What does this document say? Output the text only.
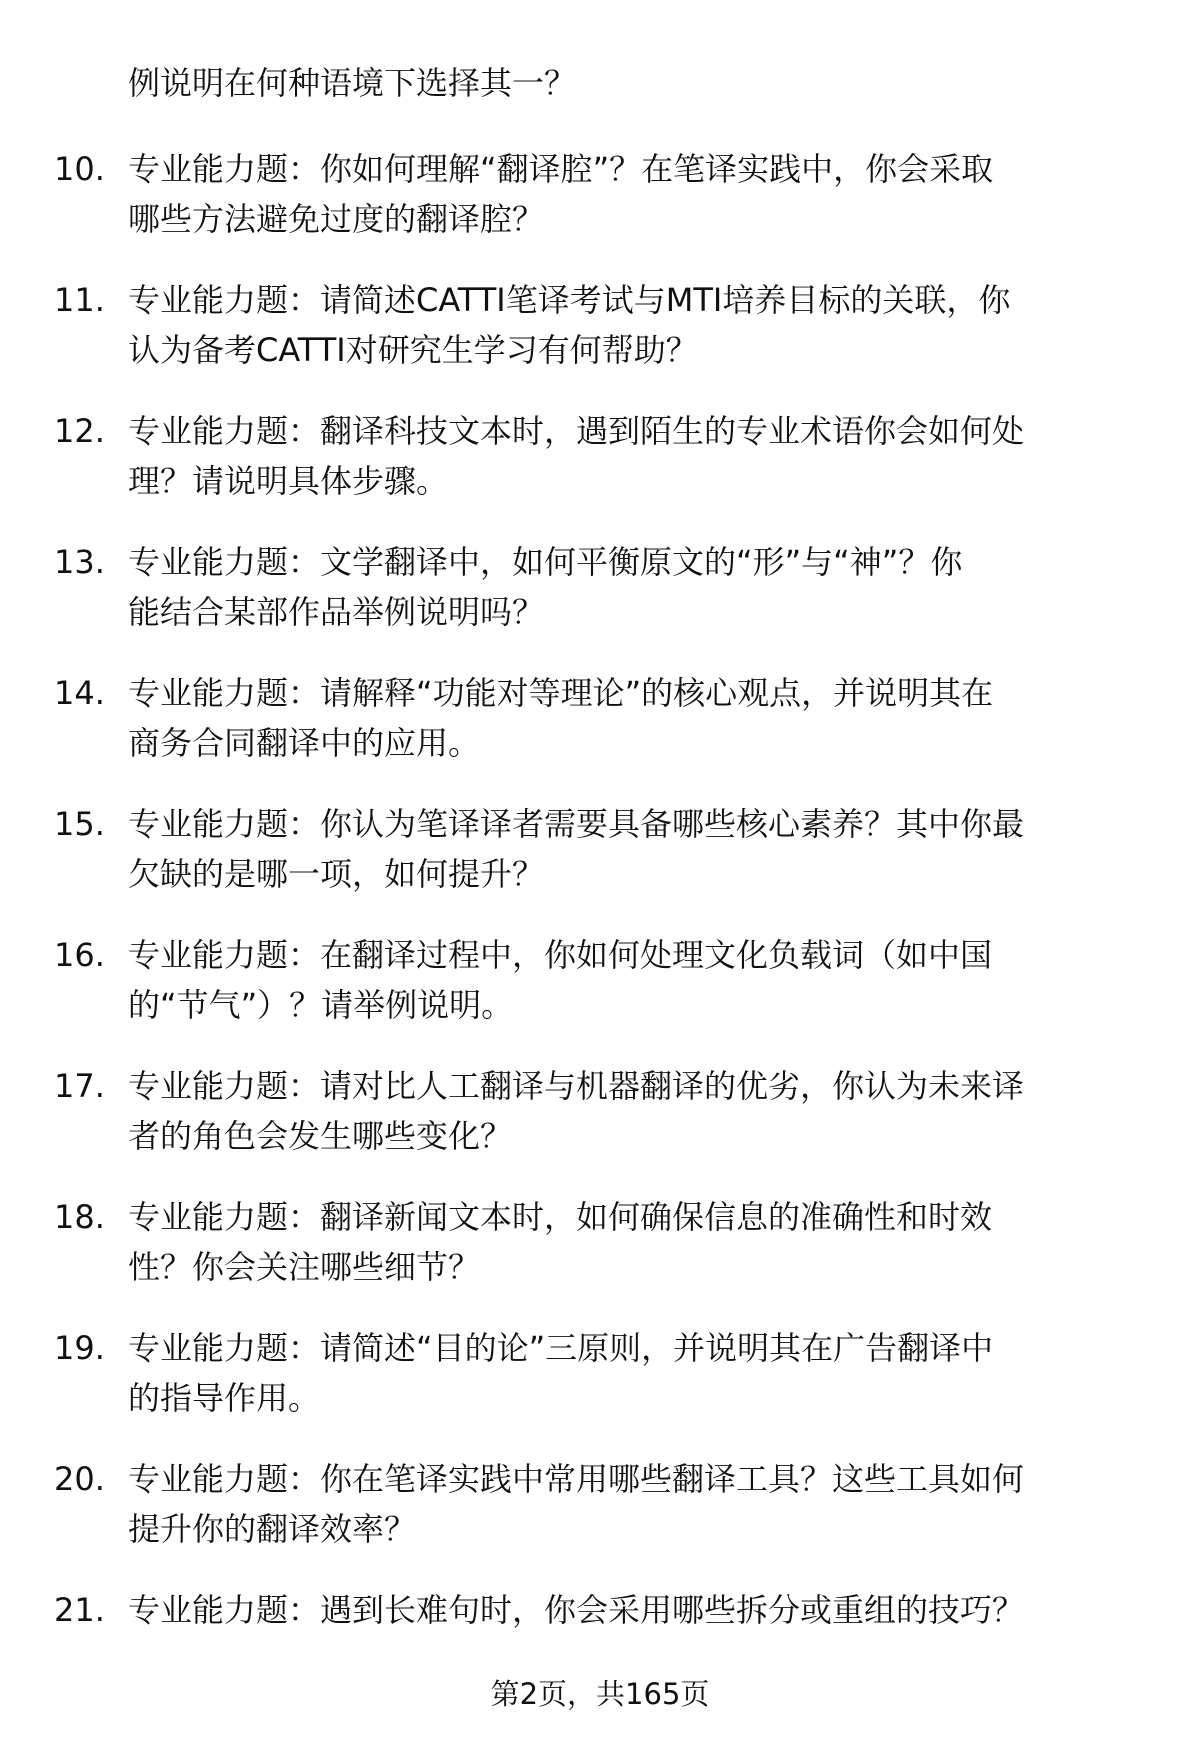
例说明在何种语境下选择其一？
10. 专业能力题：你如何理解“翻译腔”？在笔译实践中，你会采取
哪些方法避免过度的翻译腔？
11. 专业能力题：请简述CATTI笔译考试与MTI培养目标的关联，你
认为备考CATTI对研究生学习有何帮助？
12. 专业能力题：翻译科技文本时，遇到陌生的专业术语你会如何处
理？请说明具体步骤。
13. 专业能力题：文学翻译中，如何平衡原文的“形”与“神”？你
能结合某部作品举例说明吗？
14. 专业能力题：请解释“功能对等理论”的核心观点，并说明其在
商务合同翻译中的应用。
15. 专业能力题：你认为笔译译者需要具备哪些核心素养？其中你最
欠缺的是哪一项，如何提升？
16. 专业能力题：在翻译过程中，你如何处理文化负载词（如中国
的“节气”）？请举例说明。
17. 专业能力题：请对比人工翻译与机器翻译的优劣，你认为未来译
者的角色会发生哪些变化？
18. 专业能力题：翻译新闻文本时，如何确保信息的准确性和时效
性？你会关注哪些细节？
19. 专业能力题：请简述“目的论”三原则，并说明其在广告翻译中
的指导作用。
20. 专业能力题：你在笔译实践中常用哪些翻译工具？这些工具如何
提升你的翻译效率？
21. 专业能力题：遇到长难句时，你会采用哪些拆分或重组的技巧？
第2页，共165页
